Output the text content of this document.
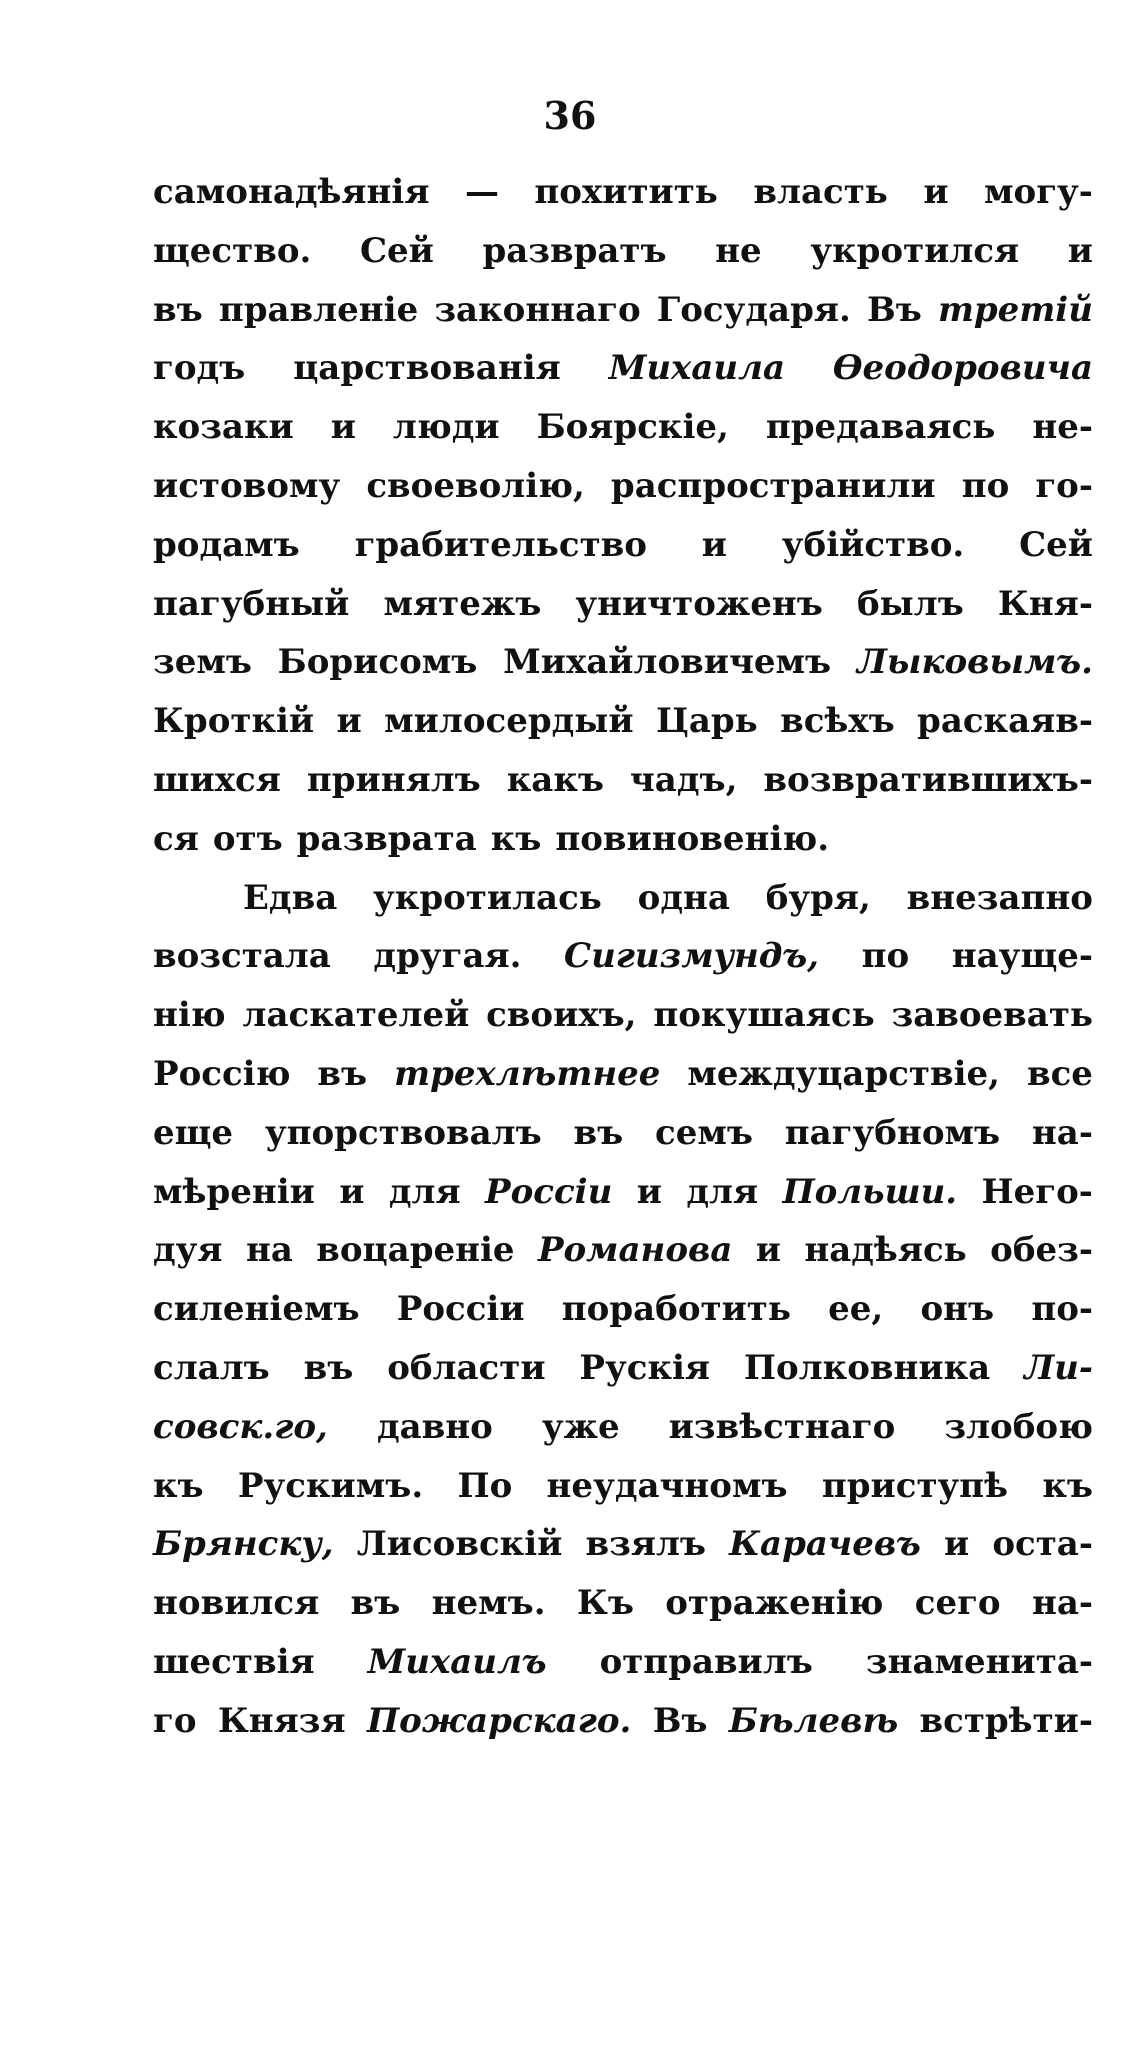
36
самонадѣянія — похитить власть и могу-
щество. Сей развратъ не укротился и
въ правленіе законнаго Государя. Въ третій
годъ царствованія Михаила Ѳеодоровича
козаки и люди Боярскіе, предаваясь не-
истовому своеволію, распространили по го-
родамъ грабительство и убійство. Сей
пагубный мятежъ уничтоженъ былъ Кня-
земъ Борисомъ Михайловичемъ Лыковымъ.
Кроткій и милосердый Царь всѣхъ раскаяв-
шихся принялъ какъ чадъ, возвратившихъ-
ся отъ разврата къ повиновенію.
Едва укротилась одна буря, внезапно
возстала другая. Сигизмундъ, по науще-
нію ласкателей своихъ, покушаясь завоевать
Россію въ трехлѣтнее междуцарствіе, все
еще упорствовалъ въ семъ пагубномъ на-
мѣреніи и для Россіи и для Польши. Него-
дуя на воцареніе Романова и надѣясь обез-
силеніемъ Россіи поработить ее, онъ по-
слалъ въ области Рускія Полковника Ли-
совск.го, давно уже извѣстнаго злобою
къ Рускимъ. По неудачномъ приступѣ къ
Брянску, Лисовскій взялъ Карачевъ и оста-
новился въ немъ. Къ отраженію сего на-
шествія Михаилъ отправилъ знаменита-
го Князя Пожарскаго. Въ Бѣлевѣ встрѣти-
